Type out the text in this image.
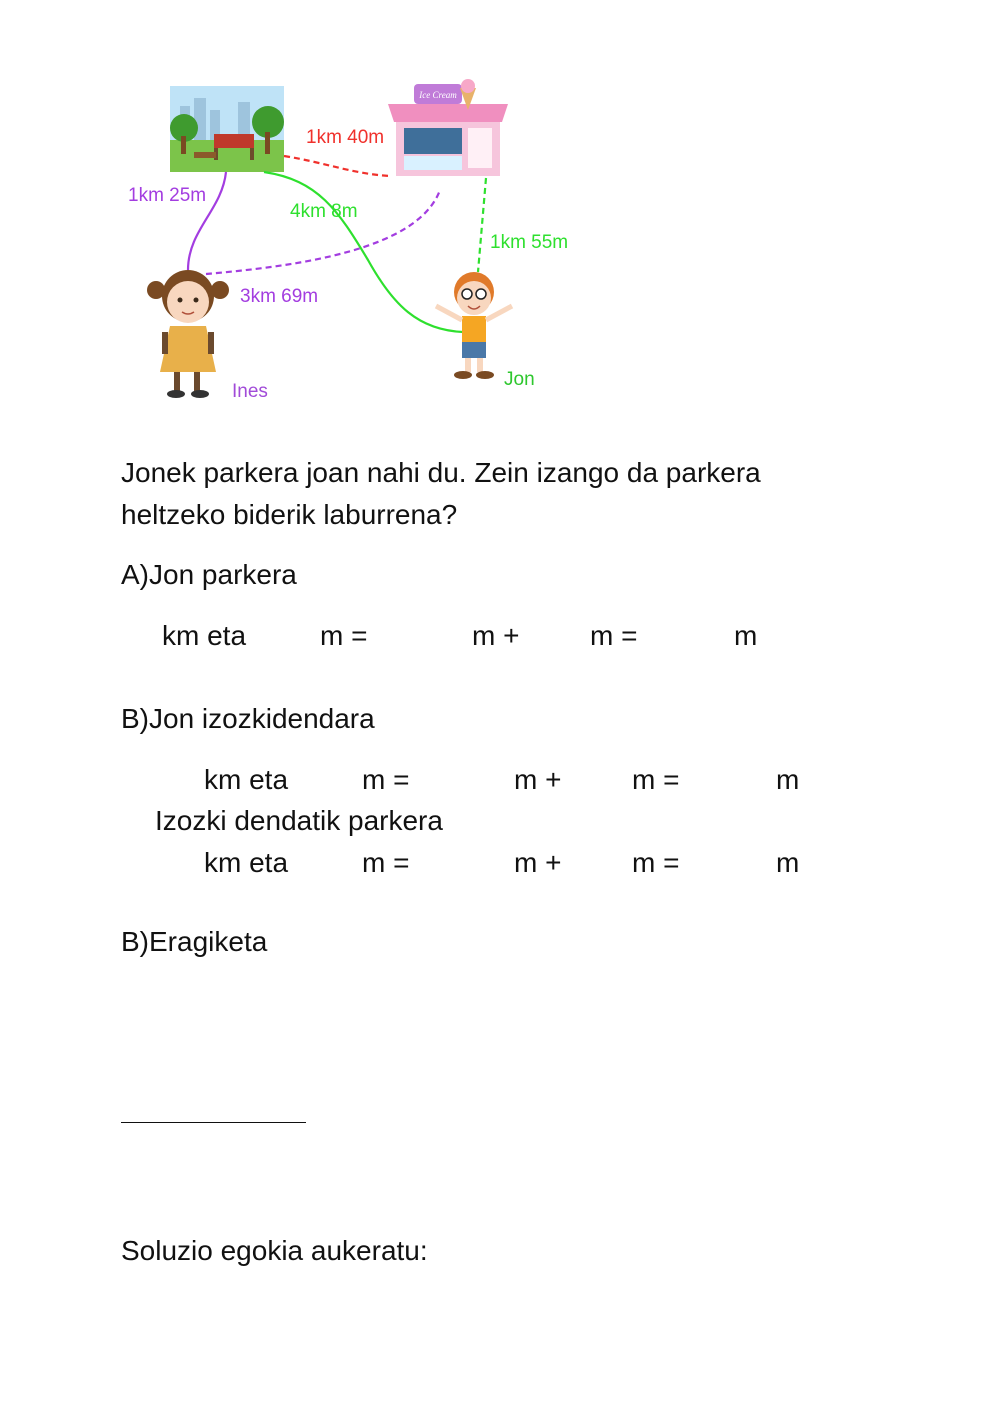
Ice Cream
1km 40m
1km 25m
4km 8m
1km 55m
3km 69m
Ines
Jon
Jonek parkera joan nahi du. Zein izango da parkera
heltzeko biderik laburrena?
A)Jon parkera
km eta	m =	m +	m =	m
B)Jon izozkidendara
km eta	m =	m +	m =	m
Izozki dendatik parkera
km eta	m =	m +	m =	m
B)Eragiketa
Soluzio egokia aukeratu:
